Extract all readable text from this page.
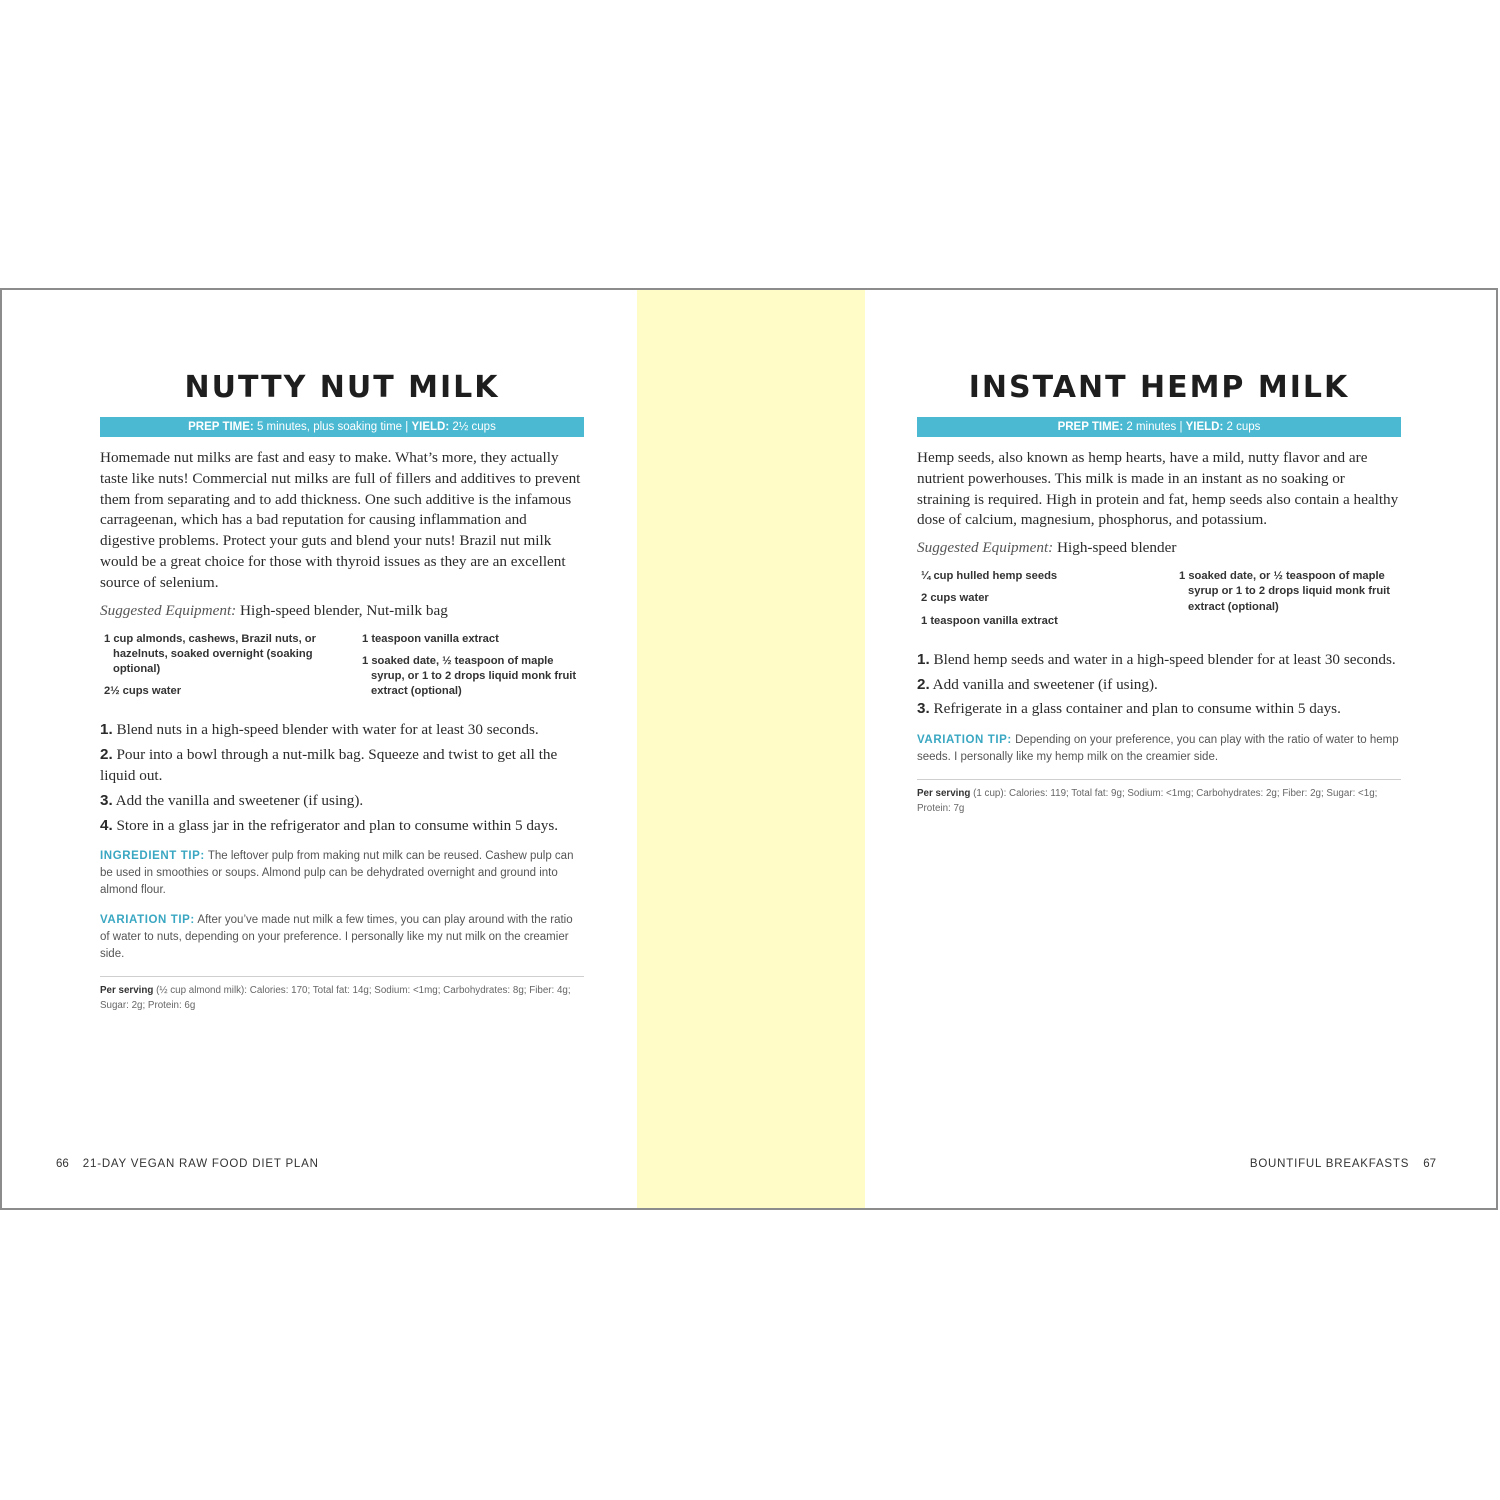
NUTTY NUT MILK
PREP TIME: 5 minutes, plus soaking time | YIELD: 2½ cups

Homemade nut milks are fast and easy to make. What’s more, they actually taste like nuts! Commercial nut milks are full of fillers and additives to prevent them from separating and to add thickness. One such additive is the infamous carrageenan, which has a bad reputation for causing inflammation and digestive problems. Protect your guts and blend your nuts! Brazil nut milk would be a great choice for those with thyroid issues as they are an excellent source of selenium.

Suggested Equipment: High-speed blender, Nut-milk bag

1 cup almonds, cashews, Brazil nuts, or hazelnuts, soaked overnight (soaking optional)
2½ cups water
1 teaspoon vanilla extract
1 soaked date, ½ teaspoon of maple syrup, or 1 to 2 drops liquid monk fruit extract (optional)
1. Blend nuts in a high-speed blender with water for at least 30 seconds.
2. Pour into a bowl through a nut-milk bag. Squeeze and twist to get all the liquid out.
3. Add the vanilla and sweetener (if using).
4. Store in a glass jar in the refrigerator and plan to consume within 5 days.

INGREDIENT TIP: The leftover pulp from making nut milk can be reused. Cashew pulp can be used in smoothies or soups. Almond pulp can be dehydrated overnight and ground into almond flour.

VARIATION TIP: After you’ve made nut milk a few times, you can play around with the ratio of water to nuts, depending on your preference. I personally like my nut milk on the creamier side.

Per serving (½ cup almond milk): Calories: 170; Total fat: 14g; Sodium: <1mg; Carbohydrates: 8g; Fiber: 4g; Sugar: 2g; Protein: 6g
66 21-DAY VEGAN RAW FOOD DIET PLAN
INSTANT HEMP MILK
PREP TIME: 2 minutes | YIELD: 2 cups

Hemp seeds, also known as hemp hearts, have a mild, nutty flavor and are nutrient powerhouses. This milk is made in an instant as no soaking or straining is required. High in protein and fat, hemp seeds also contain a healthy dose of calcium, magnesium, phosphorus, and potassium.

Suggested Equipment: High-speed blender

¼ cup hulled hemp seeds
2 cups water
1 teaspoon vanilla extract
1 soaked date, or ½ teaspoon of maple syrup or 1 to 2 drops liquid monk fruit extract (optional)
1. Blend hemp seeds and water in a high-speed blender for at least 30 seconds.
2. Add vanilla and sweetener (if using).
3. Refrigerate in a glass container and plan to consume within 5 days.

VARIATION TIP: Depending on your preference, you can play with the ratio of water to hemp seeds. I personally like my hemp milk on the creamier side.

Per serving (1 cup): Calories: 119; Total fat: 9g; Sodium: <1mg; Carbohydrates: 2g; Fiber: 2g; Sugar: <1g; Protein: 7g
BOUNTIFUL BREAKFASTS 67
